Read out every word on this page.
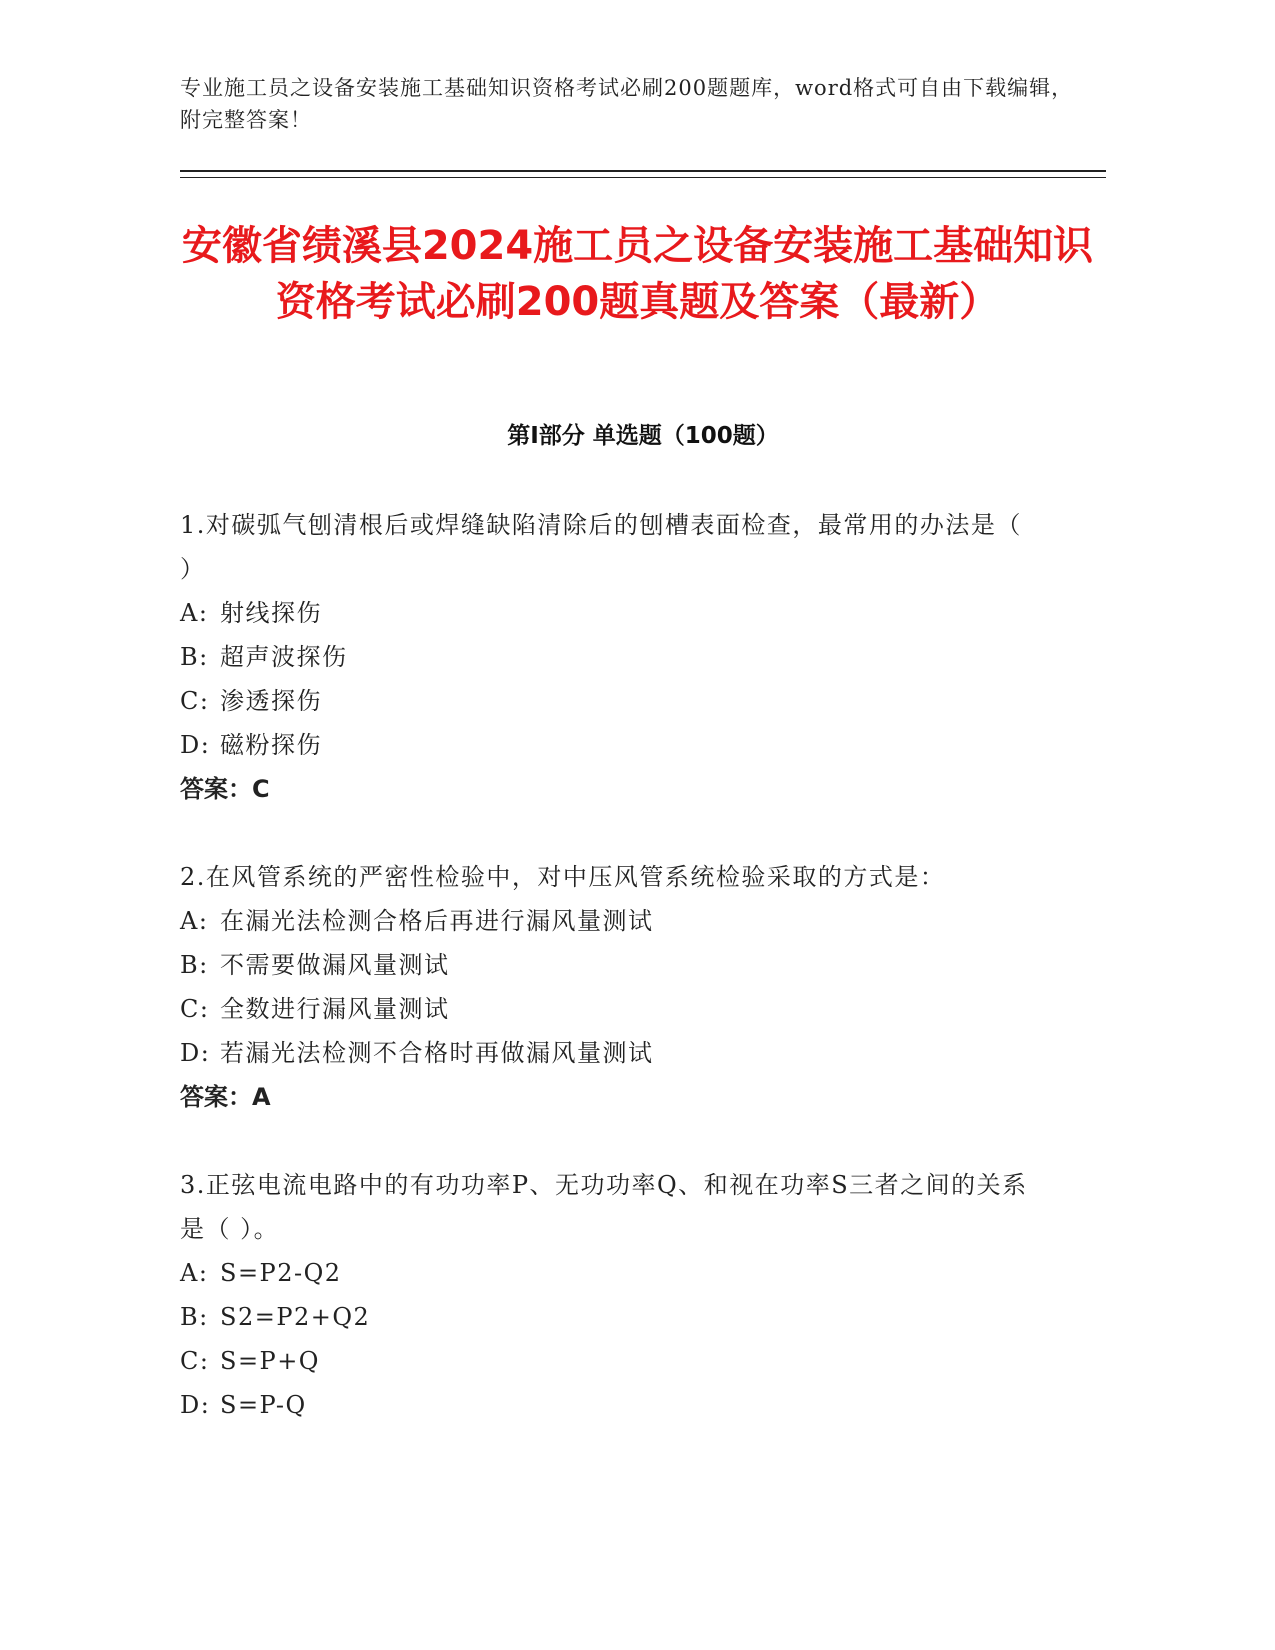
专业施工员之设备安装施工基础知识资格考试必刷200题题库，word格式可自由下载编辑，附完整答案！
安徽省绩溪县2024施工员之设备安装施工基础知识资格考试必刷200题真题及答案（最新）
第I部分 单选题（100题）
1.对碳弧气刨清根后或焊缝缺陷清除后的刨槽表面检查，最常用的办法是（ ）
A: 射线探伤
B: 超声波探伤
C: 渗透探伤
D: 磁粉探伤
答案：C
2.在风管系统的严密性检验中，对中压风管系统检验采取的方式是：
A: 在漏光法检测合格后再进行漏风量测试
B: 不需要做漏风量测试
C: 全数进行漏风量测试
D: 若漏光法检测不合格时再做漏风量测试
答案：A
3.正弦电流电路中的有功功率P、无功功率Q、和视在功率S三者之间的关系是（ ）。
A: S=P2-Q2
B: S2=P2+Q2
C: S=P+Q
D: S=P-Q
